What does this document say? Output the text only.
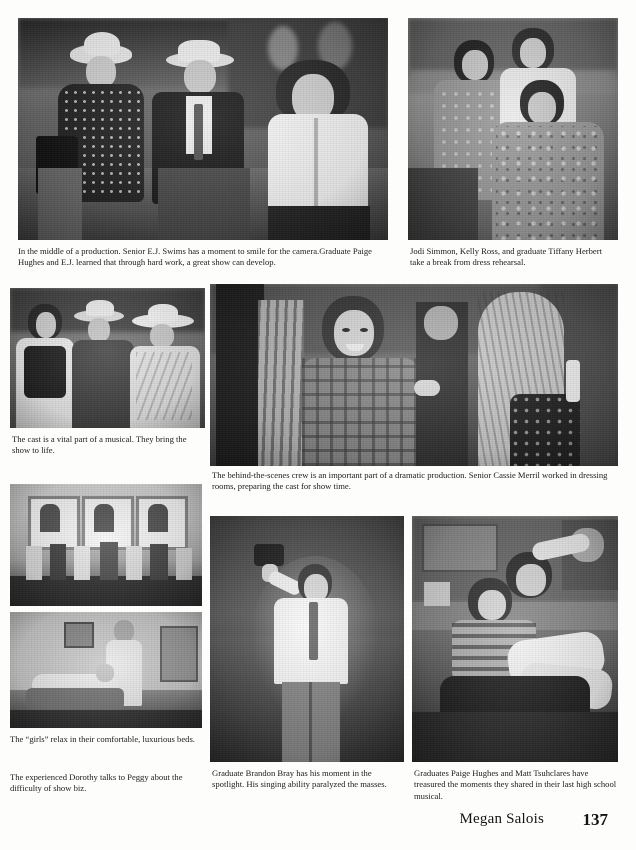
In the middle of a production. Senior E.J. Swims has a moment to smile for the camera.Graduate Paige Hughes and E.J. learned that through hard work, a great show can develop.
Jodi Simmon, Kelly Ross, and graduate Tiffany Herbert take a break from dress rehearsal.
The cast is a vital part of a musical. They bring the show to life.
The behind-the-scenes crew is an important part of a dramatic production. Senior Cassie Merril worked in dressing rooms, preparing the cast for show time.
The “girls” relax in their comfortable, luxurious beds.
The experienced Dorothy talks to Peggy about the difficulty of show biz.
Graduate Brandon Bray has his moment in the spotlight. His singing ability paralyzed the masses.
Graduates Paige Hughes and Matt Tsuhclares have treasured the moments they shared in their last high school musical.
Megan Salois 137
